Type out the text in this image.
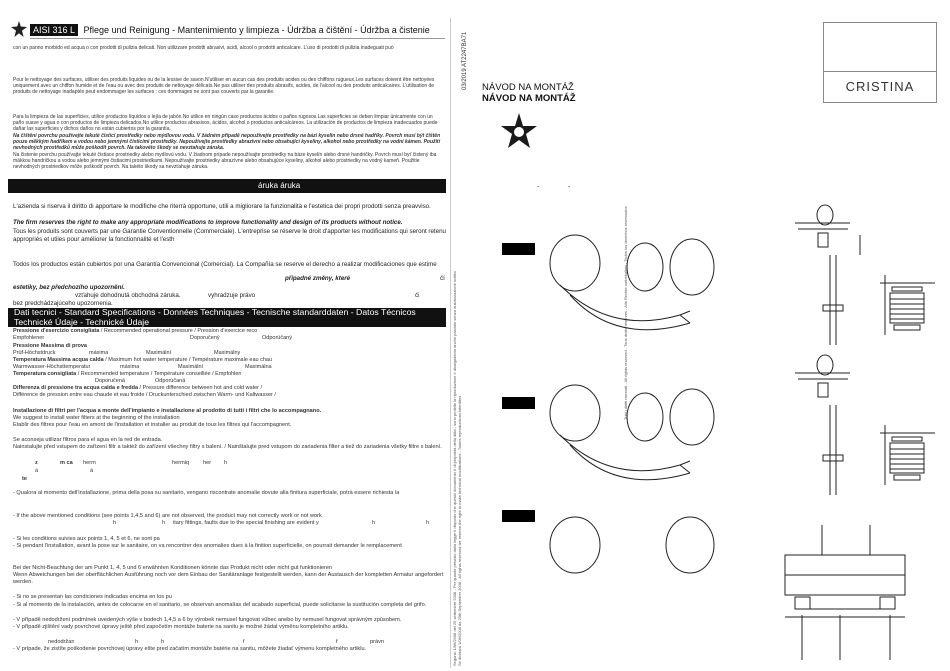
AISI 316 L Pflege und Reinigung - Mantenimiento y limpieza - Údržba a čištění - Údržba a čistenie
con un panno morbido ed acqua o con prodotti di pulizia delicati. Non utilizzare prodotti abrasivi, acidi, alcool o prodotti anticalcare. L'uso di prodotti di pulizia inadeguati può
Pour le nettoyage des surfaces, utiliser des produits liquides ou de la lessive de savon.N'utiliser en aucun cas des produits acides ou des chiffons rugueux.Les surfaces doivent être nettoyées uniquement avec un chiffon humide et de l'eau ou avec des produits de nettoyage délicats.Ne pas utiliser des produits abrasifs, acides, de l'alcool ou des produits anticalcaires. L'utilisation de produits de nettoyage inadaptés peut endommager les surfaces : ces dommages ne sont pas couverts par la garantie.
Para la limpieza de las superficies, utilice productos líquidos o lejía de jabón.No utilice en ningún caso productos ácidos o paños rugosos.Las superficies se deben limpiar únicamente con un paño suave y agua o con productos de limpieza delicados.No utilice productos abrasivos, ácidos, alcohol o productos anticalcáreos. La utilización de productos de limpieza inadecuados puede dañar las superficies y dichos daños no están cubiertos por la garantía.
Na čištění povrchu používejte tekuté čisticí prostředky nebo mýdlovou vodu. V žádném případě nepoužívejte prostředky na bázi kyselin nebo drsné hadříky. Povrch musí být čištěn pouze měkkým hadříkem a vodou nebo jemnými čisticími prostředky. Nepoužívejte prostředky abrazivní nebo obsahující kyseliny, alkohol nebo prostředky na vodní kámen. Použití nevhodných prostředků může poškodit povrch. Na takovéto škody se nevztahuje záruka.
Na čistenie povrchu používajte tekuté čistiace prostriedky alebo mydlovú vodu. V žiadnom prípade nepoužívajte prostriedky na báze kyselín alebo drsné handričky. Povrch musí byť čistený iba mäkkou handričkou a vodou alebo jemnými čistiacimi prostriedkami. Nepoužívajte prostriedky abrazívne alebo obsahujúce kyseliny, alkohol alebo prostriedky na vodný kameň. Použitie nevhodných prostriedkov môže poškodiť povrch. Na takéto škody sa nevzťahuje záruka.
áruka áruka
L'azienda si riserva il diritto di apportare le modifiche che riterrà opportune, utili a migliorare la funzionalità e l'estetica dei propri prodotti senza preavviso.
The firm reserves the right to make any appropriate modifications to improve functionality and design of its products without notice.
Tous les produits sont couverts par une Garantie Conventionnelle (Commerciale). L'entreprise se réserve le droit d'apporter les modifications qui seront retenu appropriés et utiles pour améliorer la fonctionnalité et l'esth
Todos los productos están cubiertos por una Garantía Convencional (Comercial). La Compañía se reserve el derecho a realizar modificaciones que estime
připadné změny, které	čí
estetiky, bez předchozího upozornění.
vzťahuje dohodnutá obchodná záruka.	vyhradzuje právo	či
bez predchádzajúceho upozornenia.
Dati tecnici - Standard Specifications - Données Techniques - Tecnische standarddaten - Datos Técnicos
Technické Údaje - Technické Údaje
Pressione d'esercizio consigliata / Recommended operational pressure / Pression d'exercice reco
Empfohlener	Doporučený	Odporúčaný
Pressione Massima di prova
Prüf-Höchstdruck	máxima	Maximální	Maximálny
Temperatura Massima acqua calda / Maximum hot water temperature / Température maximale eau chau
Warmwasser-Höchsttemperatur	máxima	Maximální	Maximálna
Temperatura consigliata / Recommended temperature / Température conseillée / Empfohlen
Doporučená	Odporúčaná
Differenza di pressione tra acqua calda e fredda / Pressure difference between hot and cold water /
Différence de pression entre eau chaude et eau froide / Druckunterschied zwischen Warm- und Kaltwasser /
Installazione di filtri per l'acqua a monte dell'impianto e installazione al prodotto di tutti i filtri che lo accompagnano.
We suggest to install water filters at the beginning of the installation
Etablir des filtres pour l'eau en amont de l'installation et installer au produit de tous les filtres qui l'accompagnent.
Se aconseja utilizar filtros para el agua en la red de entrada.
Nainstalujte před vstupem do zařízení filtr a taktéž do zařízení všechny filtry s balení. / Nainštalujte pred vstupom do zariadenia filter a tiež do zariadenia všetky filtre s balení.
z	m ca herm	hermiq her h
á	á
te
- Qualora al momento dell'installazione, prima della posa su sanitario, vengano riscontrate anomalie dovute alla finitura superficiale, potrà essere richiesta la
- If the above mentioned conditions (see points 1,4,5 and 6) are not observed, the product may not correctly work or not work
h	h itary fittings, faults due to the special finishing are evident y	h	h
- Si les conditions suivies aux points 1, 4, 5 et 6, ne sont pa
- Si pendant l'installation, avant la pose sur le sanitaire, on va rencontrer des anomalies dues à la finition superficielle, on pourrait demander le remplacement
Bei der Nicht-Beachtung der am Punkt 1, 4, 5 und 6 erwähnten Konditionen könnte das Produkt nicht oder nicht gut funktionieren
Wenn Abweichungen bei der oberflächlichen Ausführung noch vor dem Einbau der Sanitäranlage festgestellt werden, kann der Austausch der kompletten Armatur angefordert werden.
- Si no se presentan las condiciones indicadas encima en los pu
- Si al momento de la instalación, antes de colocarse en el sanitario, se observan anomalías del acabado superficial, puede solicitarse la sustitución completa del grifo.
- V případě nedodržení podmínek uvedených výše v bodech 1,4,5 a 6 by výrobek nemusel fungovat vůbec anebo by nemusel fungovat správným způsobem.
- V případě zjištění vady povrchové úpravy ještě před započetím montáže baterie na sanitu je možné žádat výměnu kompletního artiklu.
nedodržan	h	h	f	f	právn
- V prípade, že zistíte poškodenie povrchovej úpravy ešte pred začatím montáže batérie na sanitu, môžete žiadať výmenu kompletného artiklu.	Segunic 1/06/2008 del 25 settembre 2008 - Per quanto previsto dalla legge è disposto che questo documento è di proprietà della ditta - sono proibite la riproduzione e divulgazione anche parziale senza autorizzazione scritta Se dichiara 1/06/2008 da 25th September 2008 - All rights reserved we reserve the right to make technical modifications - Toutes reproductions interdites
Tutti i diritti riservati - All rights reserved - Tous droits réservés - Alle Rechte vorbehalten - Todos los derechos reservados
03/2019 AT2247BA71	CRISTINA
NÁVOD NA MONTÁŽ
NÁVOD NA MONTÁŽ
-	-
